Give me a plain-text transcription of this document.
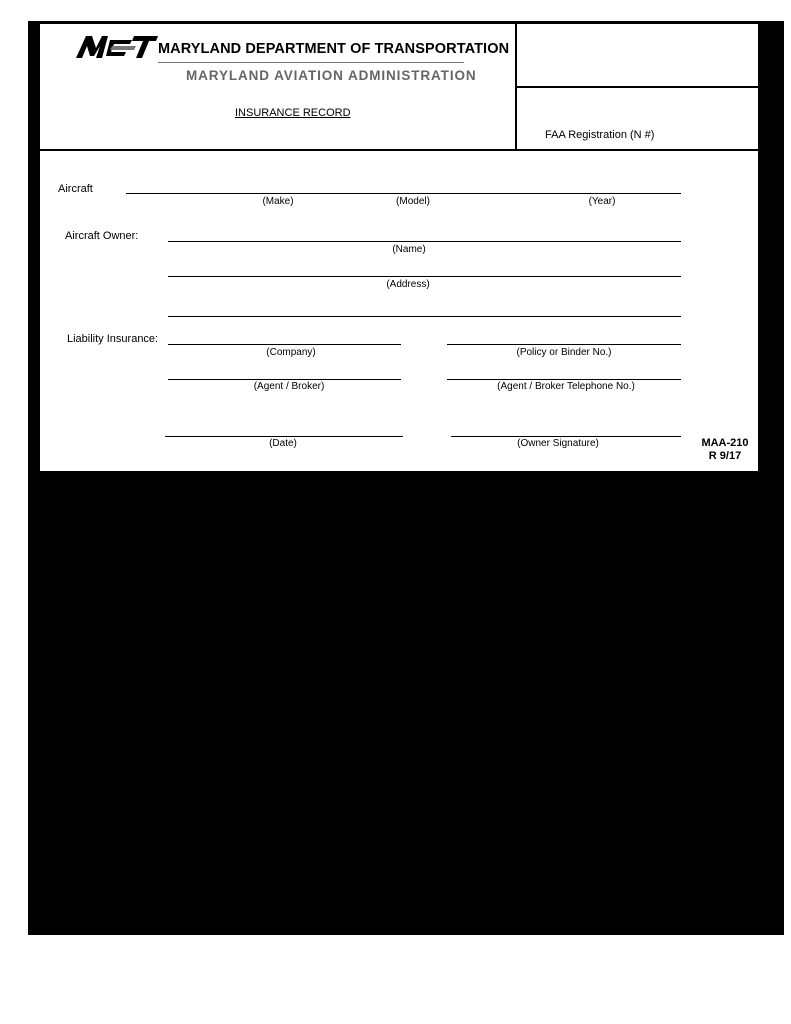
MARYLAND DEPARTMENT OF TRANSPORTATION
MARYLAND AVIATION ADMINISTRATION
INSURANCE RECORD
FAA Registration (N #)
Aircraft
(Make)	(Model)	(Year)
Aircraft Owner:
(Name)
(Address)
Liability Insurance:
(Company)	(Policy or Binder No.)
(Agent / Broker)	(Agent / Broker Telephone No.)
(Date)	(Owner Signature)	MAA-210
R 9/17
